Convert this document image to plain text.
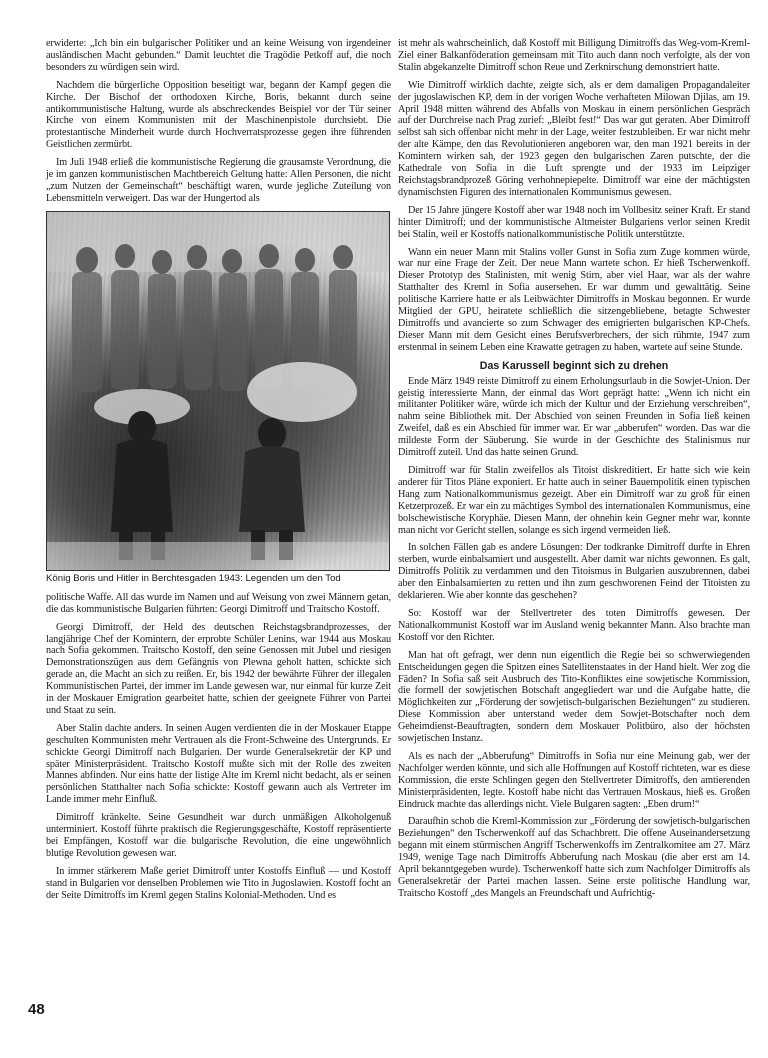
erwiderte: „Ich bin ein bulgarischer Politiker und an keine Weisung von irgendeiner ausländischen Macht gebunden.“ Damit leuchtet die Tragödie Petkoff auf, die noch besonders zu würdigen sein wird.

Nachdem die bürgerliche Opposition beseitigt war, begann der Kampf gegen die Kirche. Der Bischof der orthodoxen Kirche, Boris, bekannt durch seine antikommunistische Haltung, wurde als abschreckendes Beispiel vor der Tür seiner Kirche von einem Kommunisten mit der Maschinenpistole durchsiebt. Die protestantische Minderheit wurde durch Hochverratsprozesse gegen ihre führenden Geistlichen zermürbt.

Im Juli 1948 erließ die kommunistische Regierung die grausamste Verordnung, die je im ganzen kommunistischen Machtbereich Geltung hatte: Allen Personen, die nicht „zum Nutzen der Gemeinschaft“ beschäftigt waren, wurde jegliche Zuteilung von Lebensmitteln verweigert. Das war der Hungertod als

König Boris und Hitler in Berchtesgaden 1943: Legenden um den Tod

politische Waffe. All das wurde im Namen und auf Weisung von zwei Männern getan, die das kommunistische Bulgarien führten: Georgi Dimitroff und Traitscho Kostoff.

Georgi Dimitroff, der Held des deutschen Reichstagsbrandprozesses, der langjährige Chef der Komintern, der erprobte Schüler Lenins, war 1944 aus Moskau nach Sofia gekommen. Traitscho Kostoff, den seine Genossen mit Jubel und riesigen Demonstrationszügen aus dem Gefängnis von Plewna geholt hatten, schickte sich gerade an, die Macht an sich zu reißen. Er, bis 1942 der bewährte Führer der illegalen Kommunistischen Partei, der immer im Lande gewesen war, nur einmal für kurze Zeit in der Moskauer Emigration gearbeitet hatte, schien der geeignete Führer von Partei und Staat zu sein.

Aber Stalin dachte anders. In seinen Augen verdienten die in der Moskauer Etappe geschulten Kommunisten mehr Vertrauen als die Front-Schweine des Untergrunds. Er schickte Georgi Dimitroff nach Bulgarien. Der wurde Generalsekretär der KP und später Ministerpräsident. Traitscho Kostoff mußte sich mit der Rolle des zweiten Mannes abfinden. Nur eins hatte der listige Alte im Kreml nicht bedacht, als er seinen persönlichen Statthalter nach Sofia schickte: Kostoff gewann auch als Vertreter im Lande immer mehr Einfluß.

Dimitroff kränkelte. Seine Gesundheit war durch unmäßigen Alkoholgenuß unterminiert. Kostoff führte praktisch die Regierungsgeschäfte, Kostoff repräsentierte bei Empfängen, Kostoff war die bulgarische Revolution, die eine ungewöhnlich blutige Revolution gewesen war.

In immer stärkerem Maße geriet Dimitroff unter Kostoffs Einfluß — und Kostoff stand in Bulgarien vor denselben Problemen wie Tito in Jugoslawien. Kostoff focht an der Seite Dimitroffs im Kreml gegen Stalins Kolonial-Methoden. Und es

ist mehr als wahrscheinlich, daß Kostoff mit Billigung Dimitroffs das Weg-vom-Kreml-Ziel einer Balkanföderation gemeinsam mit Tito auch dann noch verfolgte, als der von Stalin abgekanzelte Dimitroff schon Reue und Zerknirschung demonstriert hatte.

Wie Dimitroff wirklich dachte, zeigte sich, als er dem damaligen Propagandaleiter der jugoslawischen KP, dem in der vorigen Woche verhafteten Milowan Djilas, am 19. April 1948 mitten während des Abfalls von Moskau in einem persönlichen Gespräch auf der Durchreise nach Prag zurief: „Bleibt fest!“ Das war gut geraten. Aber Dimitroff selbst sah sich offenbar nicht mehr in der Lage, weiter festzubleiben. Er war nicht mehr der alte Kämpe, den das Revolutionieren angeboren war, den man 1921 bereits in der Komintern wirken sah, der 1923 gegen den bulgarischen Zaren putschte, der die Kathedrale von Sofia in die Luft sprengte und der 1933 im Leipziger Reichstagsbrandprozeß Göring verhohnepiepelte. Dimitroff war eine der mächtigsten dynamischsten Figuren des internationalen Kommunismus gewesen.

Der 15 Jahre jüngere Kostoff aber war 1948 noch im Vollbesitz seiner Kraft. Er stand hinter Dimitroff; und der kommunistische Altmeister Bulgariens verlor seinen Kredit bei Stalin, weil er Kostoffs nationalkommunistische Politik unterstützte.

Wann ein neuer Mann mit Stalins voller Gunst in Sofia zum Zuge kommen würde, war nur eine Frage der Zeit. Der neue Mann wartete schon. Er hieß Tscherwenkoff. Dieser Prototyp des Stalinisten, mit wenig Stirn, aber viel Haar, war als der wahre Statthalter des Kreml in Sofia ausersehen. Er war dumm und gewalttätig. Seine politische Karriere hatte er als Leibwächter Dimitroffs in Moskau begonnen. Er wurde Mitglied der GPU, heiratete schließlich die sitzengebliebene, betagte Schwester Dimitroffs und avancierte so zum Schwager des emigrierten bulgarischen KP-Chefs. Dieser Mann mit dem Gesicht eines Berufsverbrechers, der sich rühmte, 1947 zum erstenmal in seinem Leben eine Krawatte getragen zu haben, wartete auf seine Stunde.

Das Karussell beginnt sich zu drehen

Ende März 1949 reiste Dimitroff zu einem Erholungsurlaub in die Sowjet-Union. Der geistig interessierte Mann, der einmal das Wort geprägt hatte: „Wenn ich nicht ein militanter Politiker wäre, würde ich mich der Kultur und der Erziehung verschreiben“, nahm seine Bibliothek mit. Der Abschied von seinen Freunden in Sofia ließ keinen Zweifel, daß es ein Abschied für immer war. Er war „abberufen“ worden. Das war die mildeste Form der Säuberung. Sie wurde in der Geschichte des Stalinismus nur Dimitroff zuteil. Und das hatte seinen Grund.

Dimitroff war für Stalin zweifellos als Titoist diskreditiert. Er hatte sich wie kein anderer für Titos Pläne exponiert. Er hatte auch in seiner Bauernpolitik einen typischen Hang zum Nationalkommunismus gezeigt. Aber ein Dimitroff war zu groß für einen Ketzerprozeß. Er war ein zu mächtiges Symbol des internationalen Kommunismus, eine bolschewistische Koryphäe. Diesen Mann, der ohnehin kein Gegner mehr war, konnte man nicht vor Gericht stellen, solange es sich irgend vermeiden ließ.

In solchen Fällen gab es andere Lösungen: Der todkranke Dimitroff durfte in Ehren sterben, wurde einbalsamiert und ausgestellt. Aber damit war nichts gewonnen. Es galt, Dimitroffs Politik zu verdammen und den Titoismus in Bulgarien auszubrennen, dabei aber den Einbalsamierten zu retten und ihn zum geschworenen Feind der Titoisten zu deklarieren. Wie aber konnte das geschehen?

So: Kostoff war der Stellvertreter des toten Dimitroffs gewesen. Der Nationalkommunist Kostoff war im Ausland wenig bekannter Mann. Also brachte man Kostoff vor den Richter.

Man hat oft gefragt, wer denn nun eigentlich die Regie bei so schwerwiegenden Entscheidungen gegen die Spitzen eines Satellitenstaates in der Hand hielt. Wer zog die Fäden? In Sofia saß seit Ausbruch des Tito-Konfliktes eine sowjetische Kommission, die formell der sowjetischen Botschaft angegliedert war und die Aufgabe hatte, die Möglichkeiten zur „Förderung der sowjetisch-bulgarischen Beziehungen“ zu studieren. Diese Kommission aber unterstand weder dem Sowjet-Botschafter noch dem Geheimdienst-Beauftragten, sondern dem Moskauer Politbüro, also der höchsten sowjetischen Instanz.

Als es nach der „Abberufung“ Dimitroffs in Sofia nur eine Meinung gab, wer der Nachfolger werden könnte, und sich alle Hoffnungen auf Kostoff richteten, war es diese Kommission, die erste Schlingen gegen den Stellvertreter Dimitroffs, den amtierenden Ministerpräsidenten, legte. Kostoff habe nicht das Vertrauen Moskaus, hieß es. Großen Eindruck machte das allerdings nicht. Viele Bulgaren sagten: „Eben drum!“

Daraufhin schob die Kreml-Kommission zur „Förderung der sowjetisch-bulgarischen Beziehungen“ den Tscherwenkoff auf das Schachbrett. Die offene Auseinandersetzung begann mit einem stürmischen Angriff Tscherwenkoffs im Zentralkomitee am 27. März 1949, wenige Tage nach Dimitroffs Abberufung nach Moskau (die aber erst am 14. April bekanntgegeben wurde). Tscherwenkoff hatte sich zum Nachfolger Dimitroffs als Generalsekretär der Partei machen lassen. Seine erste politische Handlung war, Traitscho Kostoff „des Mangels an Freundschaft und Aufrichtig-

48
